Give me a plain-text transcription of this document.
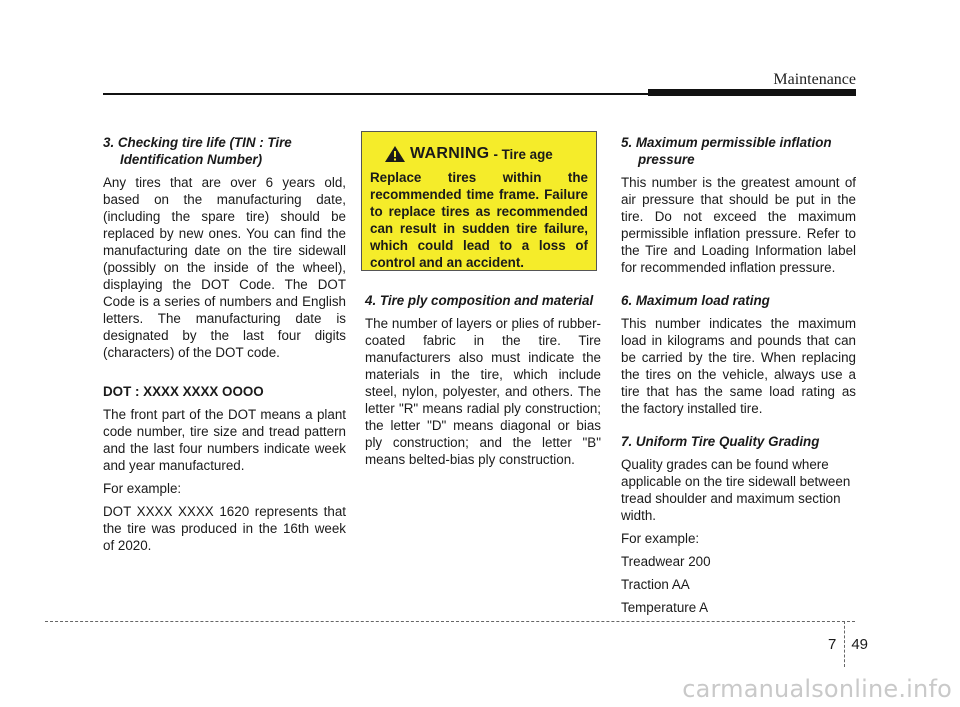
Maintenance
3. Checking tire life (TIN : Tire Identification Number)

Any tires that are over 6 years old, based on the manufacturing date, (including the spare tire) should be replaced by new ones. You can find the manufacturing date on the tire sidewall (possibly on the inside of the wheel), displaying the DOT Code. The DOT Code is a series of numbers and English letters. The manufacturing date is designated by the last four digits (characters) of the DOT code.

DOT : XXXX XXXX OOOO

The front part of the DOT means a plant code number, tire size and tread pattern and the last four numbers indicate week and year manufactured.

For example:

DOT XXXX XXXX 1620 represents that the tire was produced in the 16th week of 2020.

WARNING - Tire age
Replace tires within the recommended time frame. Failure to replace tires as recommended can result in sudden tire failure, which could lead to a loss of control and an accident.
4. Tire ply composition and material

The number of layers or plies of rubber-coated fabric in the tire. Tire manufacturers also must indicate the materials in the tire, which include steel, nylon, polyester, and others. The letter "R" means radial ply construction; the letter "D" means diagonal or bias ply construction; and the letter "B" means belted-bias ply construction.

5. Maximum permissible inflation pressure

This number is the greatest amount of air pressure that should be put in the tire. Do not exceed the maximum permissible inflation pressure. Refer to the Tire and Loading Information label for recommended inflation pressure.

6. Maximum load rating

This number indicates the maximum load in kilograms and pounds that can be carried by the tire. When replacing the tires on the vehicle, always use a tire that has the same load rating as the factory installed tire.

7. Uniform Tire Quality Grading

Quality grades can be found where applicable on the tire sidewall between tread shoulder and maximum section width.

For example:

Treadwear 200

Traction AA

Temperature A

7 49
carmanualsonline.info
